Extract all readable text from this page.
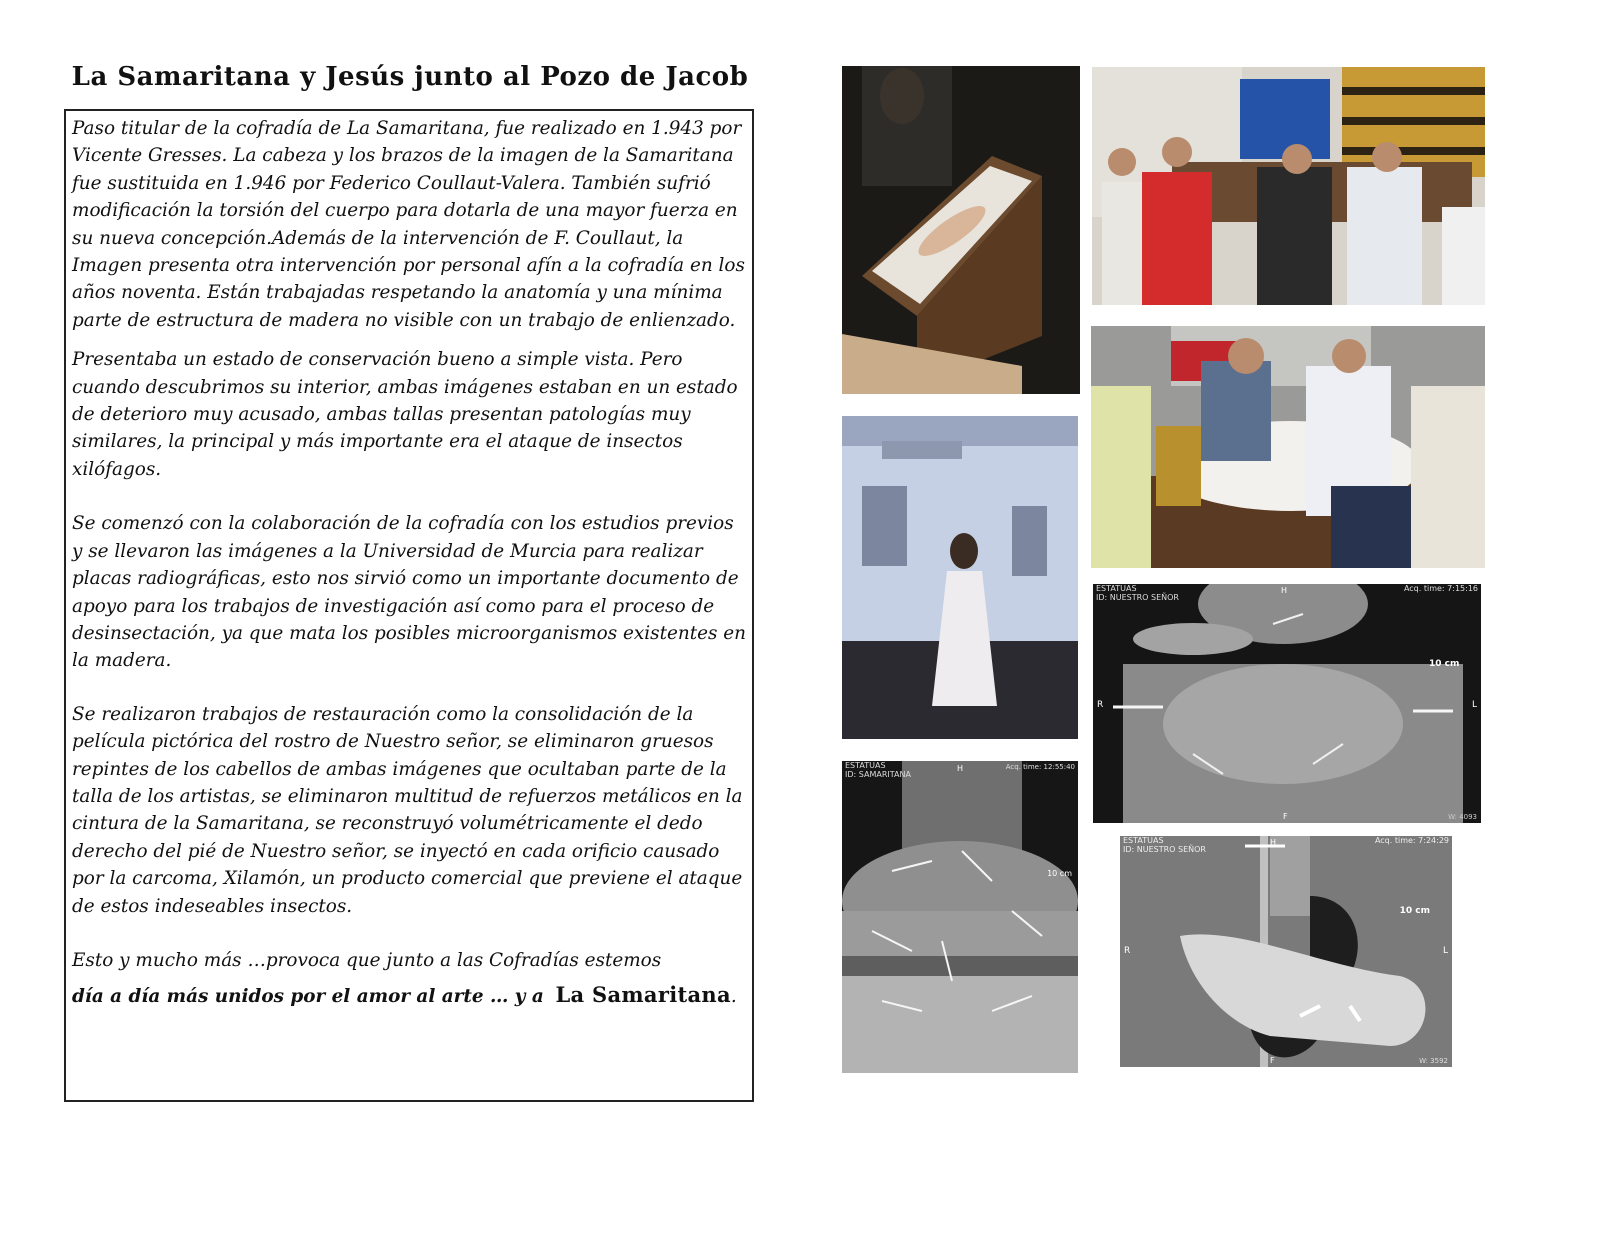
La Samaritana y Jesús junto al Pozo de Jacob

Paso titular de la cofradía de La Samaritana, fue realizado en 1.943 por Vicente Gresses. La cabeza y los brazos de la imagen de la Samaritana fue sustituida en 1.946 por Federico Coullaut-Valera. También sufrió modificación la torsión del cuerpo para dotarla de una mayor fuerza en su nueva concepción.Además de la intervención de F. Coullaut, la Imagen presenta otra intervención por personal afín a la cofradía en los años noventa. Están trabajadas respetando la anatomía y una mínima parte de estructura de madera no visible con un trabajo de enlienzado.

Presentaba un estado de conservación bueno a simple vista. Pero cuando descubrimos su interior, ambas imágenes estaban en un estado de deterioro muy acusado, ambas tallas presentan patologías muy similares, la principal y más importante era el ataque de insectos xilófagos.

Se comenzó con la colaboración de la cofradía con los estudios previos y se llevaron las imágenes a la Universidad de Murcia para realizar placas radiográficas, esto nos sirvió como un importante documento de apoyo para los trabajos de investigación así como para el proceso de desinsectación, ya que mata los posibles microorganismos existentes en la madera.

Se realizaron trabajos de restauración como la consolidación de la película pictórica del rostro de Nuestro señor, se eliminaron gruesos repintes de los cabellos de ambas imágenes que ocultaban parte de la talla de los artistas, se eliminaron multitud de refuerzos metálicos en la cintura de la Samaritana, se reconstruyó volumétricamente el dedo derecho del pié de Nuestro señor, se inyectó en cada orificio causado por la carcoma, Xilamón, un producto comercial que previene el ataque de estos indeseables insectos.

Esto y mucho más …provoca que junto a las Cofradías estemos
día a día más unidos por el amor al arte … y a La Samaritana.

ESTATUAS
ID: NUESTRO SEÑOR
Acq. time: 7:15:16
H
10 cm
R	L
F	W: 4093
ESTATUAS
ID: SAMARITANA
Acq. time: 12:55:40
H
10 cm
ESTATUAS
ID: NUESTRO SEÑOR
Acq. time: 7:24:29
H
10 cm
R	L
F	W: 3592
